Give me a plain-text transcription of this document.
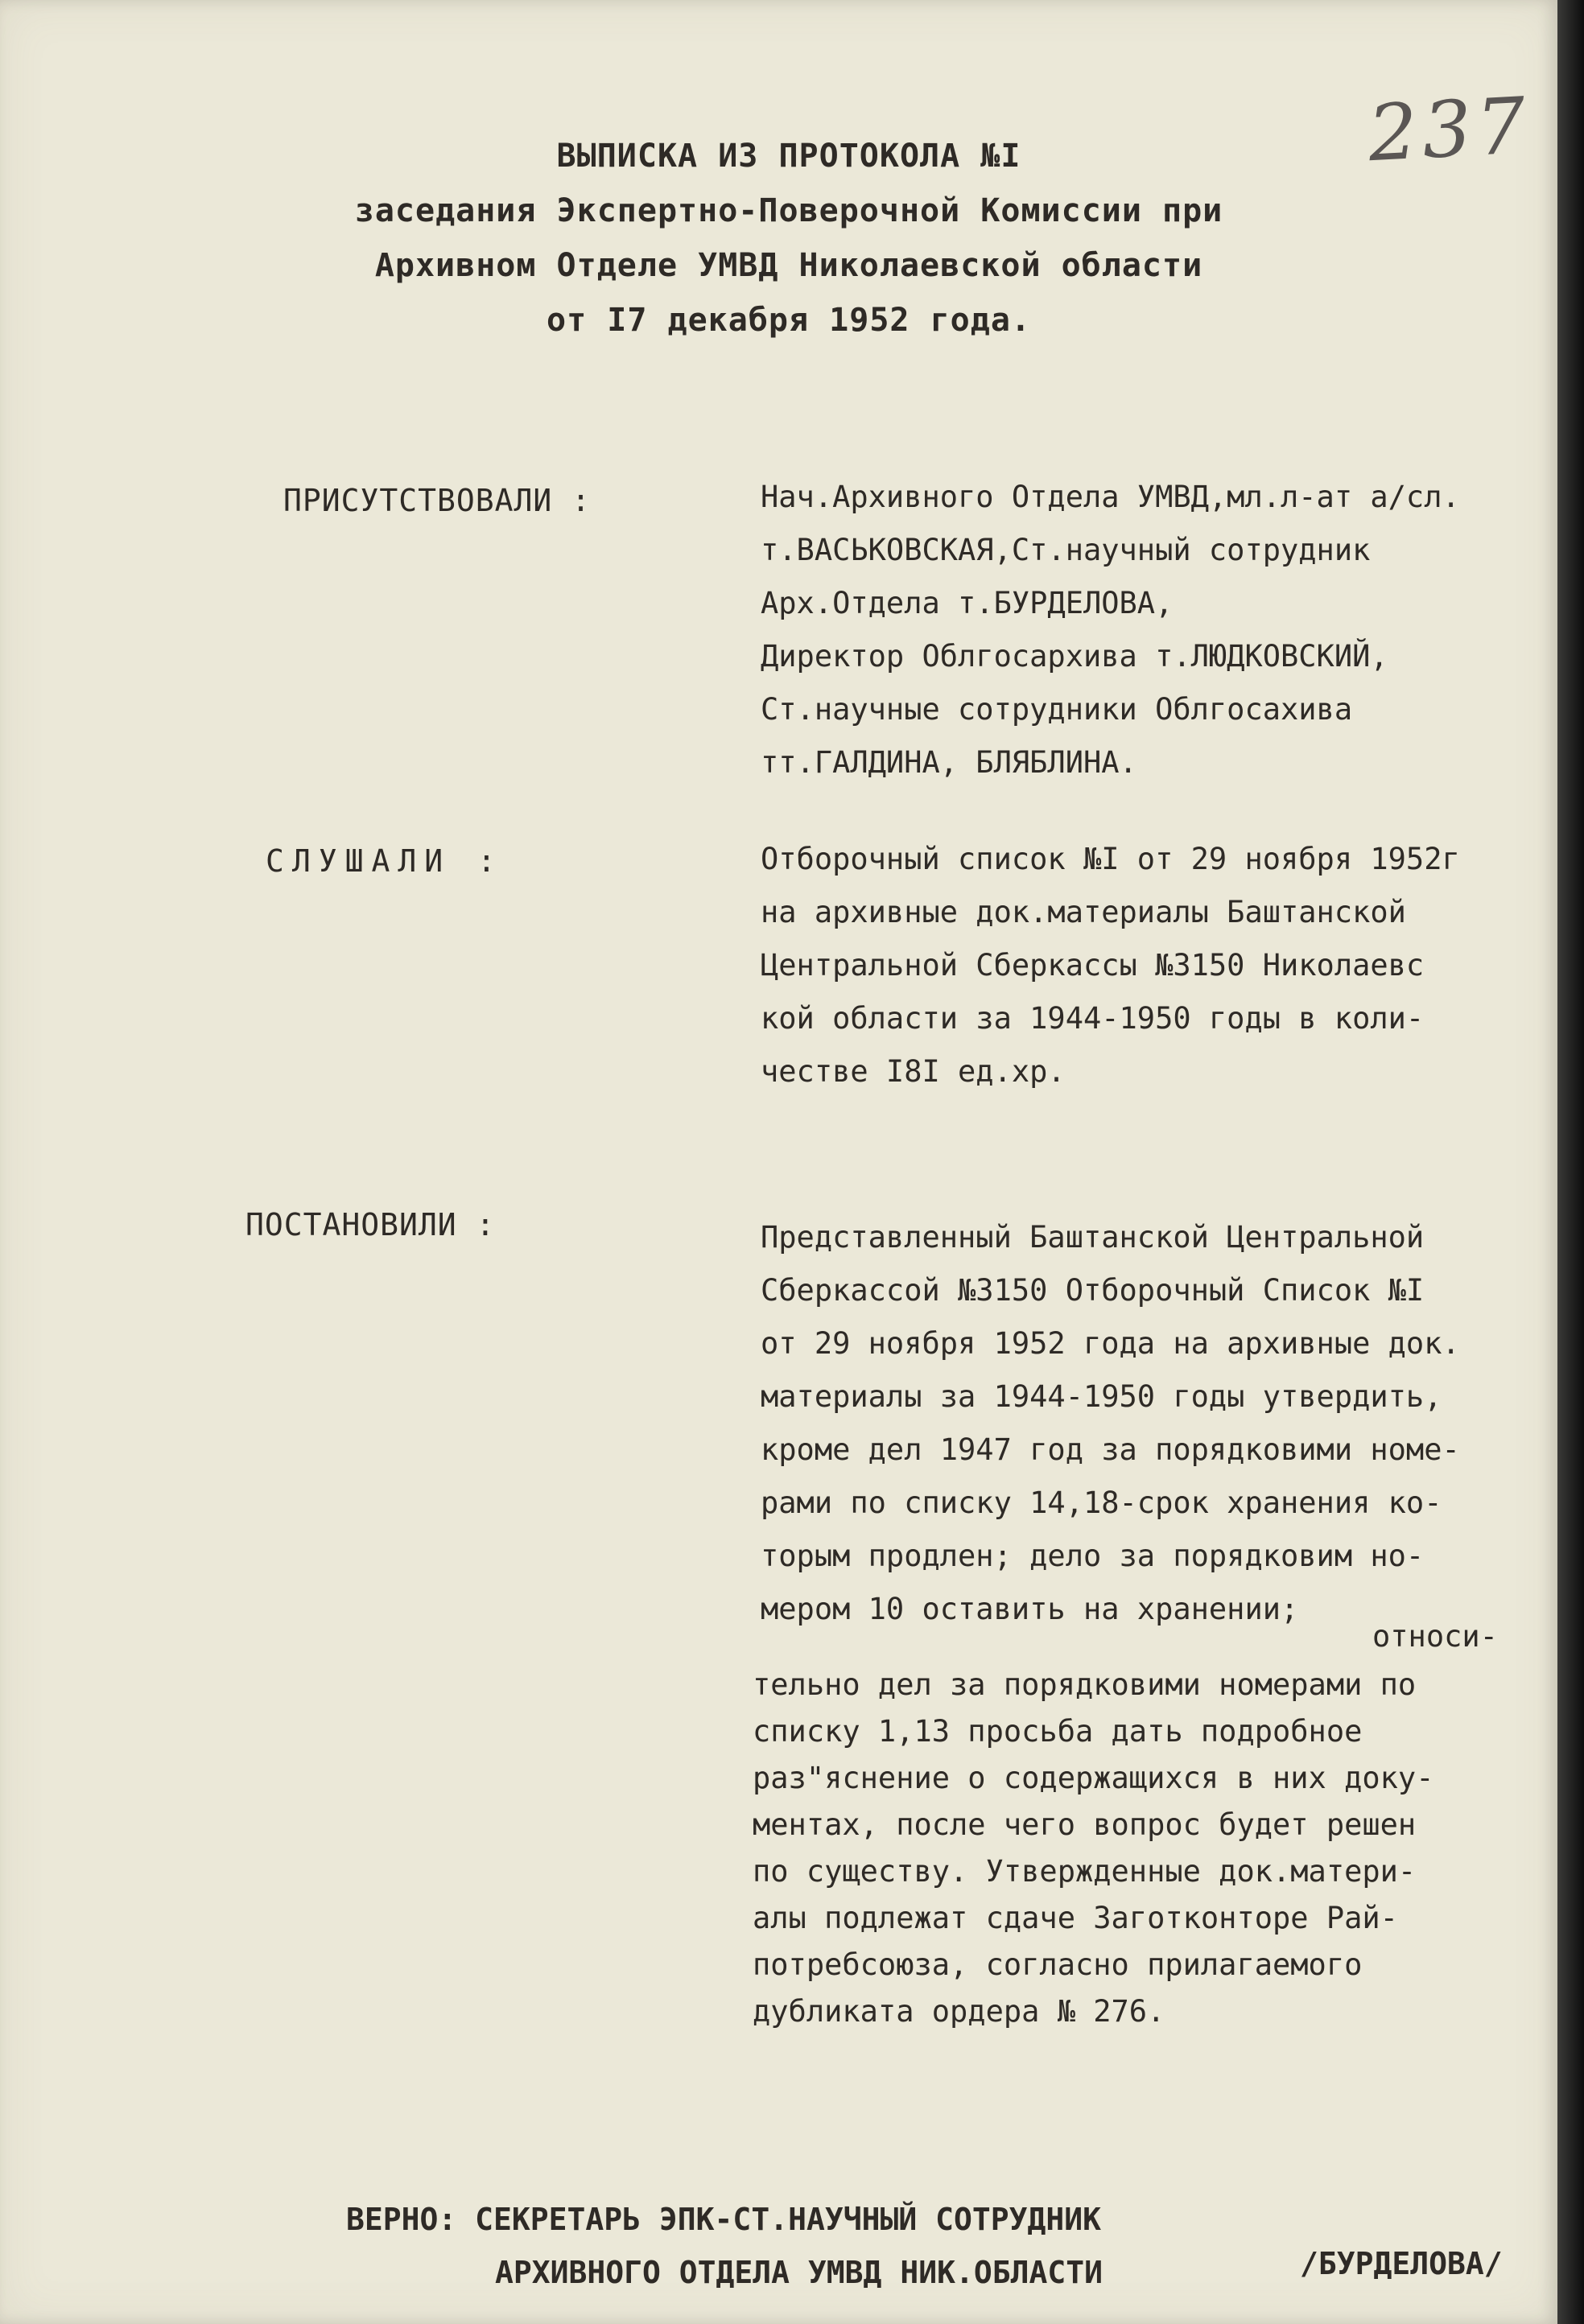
237
ВЫПИСКА ИЗ ПРОТОКОЛА №I
заседания Экспертно-Поверочной Комиссии при
Архивном Отделе УМВД Николаевской области
от I7 декабря 1952 года.
ПРИСУТСТВОВАЛИ :	Нач.Архивного Отдела УМВД,мл.л-ат а/сл.
т.ВАСЬКОВСКАЯ,Ст.научный сотрудник
Арх.Отдела т.БУРДЕЛОВА,
Директор Облгосархива т.ЛЮДКОВСКИЙ,
Ст.научные сотрудники Облгосахива
тт.ГАЛДИНА, БЛЯБЛИНА.
СЛУШАЛИ :	Отборочный список №I от 29 ноября 1952г
на архивные док.материалы Баштанской
Центральной Сберкассы №3150 Николаевс
кой области за 1944-1950 годы в коли-
честве I8I ед.хр.
ПОСТАНОВИЛИ :	Представленный Баштанской Центральной
Сберкассой №3150 Отборочный Список №I
от 29 ноября 1952 года на архивные док.
материалы за 1944-1950 годы утвердить,
кроме дел 1947 год за порядковими номе-
рами по списку 14,18-срок хранения ко-
торым продлен; дело за порядковим но-
мером 10 оставить на хранении;
относи-
тельно дел за порядковими номерами по
списку 1,13 просьба дать подробное
раз"яснение о содержащихся в них доку-
ментах, после чего вопрос будет решен
по существу. Утвержденные док.матери-
алы подлежат сдаче Заготконторе Рай-
потребсоюза, согласно прилагаемого
дубликата ордера № 276.
ВЕРНО: СЕКРЕТАРЬ ЭПК-СТ.НАУЧНЫЙ СОТРУДНИК
АРХИВНОГО ОТДЕЛА УМВД НИК.ОБЛАСТИ	/БУРДЕЛОВА/
